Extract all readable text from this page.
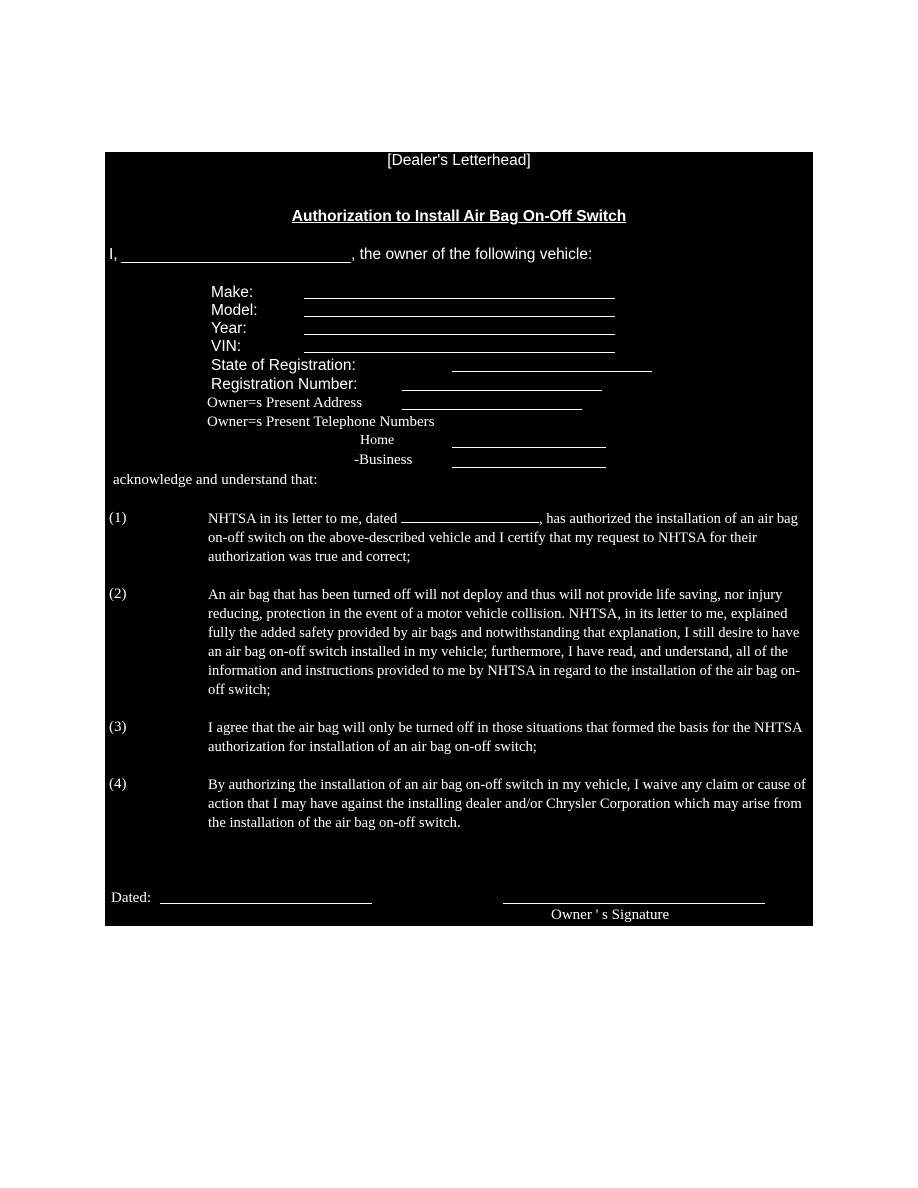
[Dealer's Letterhead]
Authorization to Install Air Bag On-Off Switch
I,	, the owner of the following vehicle:
Make:
Model:
Year:
VIN:
State of Registration:
Registration Number:
Owner=s Present Address
Owner=s Present Telephone Numbers
Home
-Business
acknowledge and understand that:
(1)	NHTSA in its letter to me, dated	, has authorized the installation of an air bag on-off switch on the above-described vehicle and I certify that my request to NHTSA for their authorization was true and correct;
(2)	An air bag that has been turned off will not deploy and thus will not provide life saving, nor injury reducing, protection in the event of a motor vehicle collision. NHTSA, in its letter to me, explained fully the added safety provided by air bags and notwithstanding that explanation, I still desire to have an air bag on-off switch installed in my vehicle; furthermore, I have read, and understand, all of the information and instructions provided to me by NHTSA in regard to the installation of the air bag on-off switch;
(3)	I agree that the air bag will only be turned off in those situations that formed the basis for the NHTSA authorization for installation of an air bag on-off switch;
(4)	By authorizing the installation of an air bag on-off switch in my vehicle, I waive any claim or cause of action that I may have against the installing dealer and/or Chrysler Corporation which may arise from the installation of the air bag on-off switch.
Dated:
Owner ' s Signature
